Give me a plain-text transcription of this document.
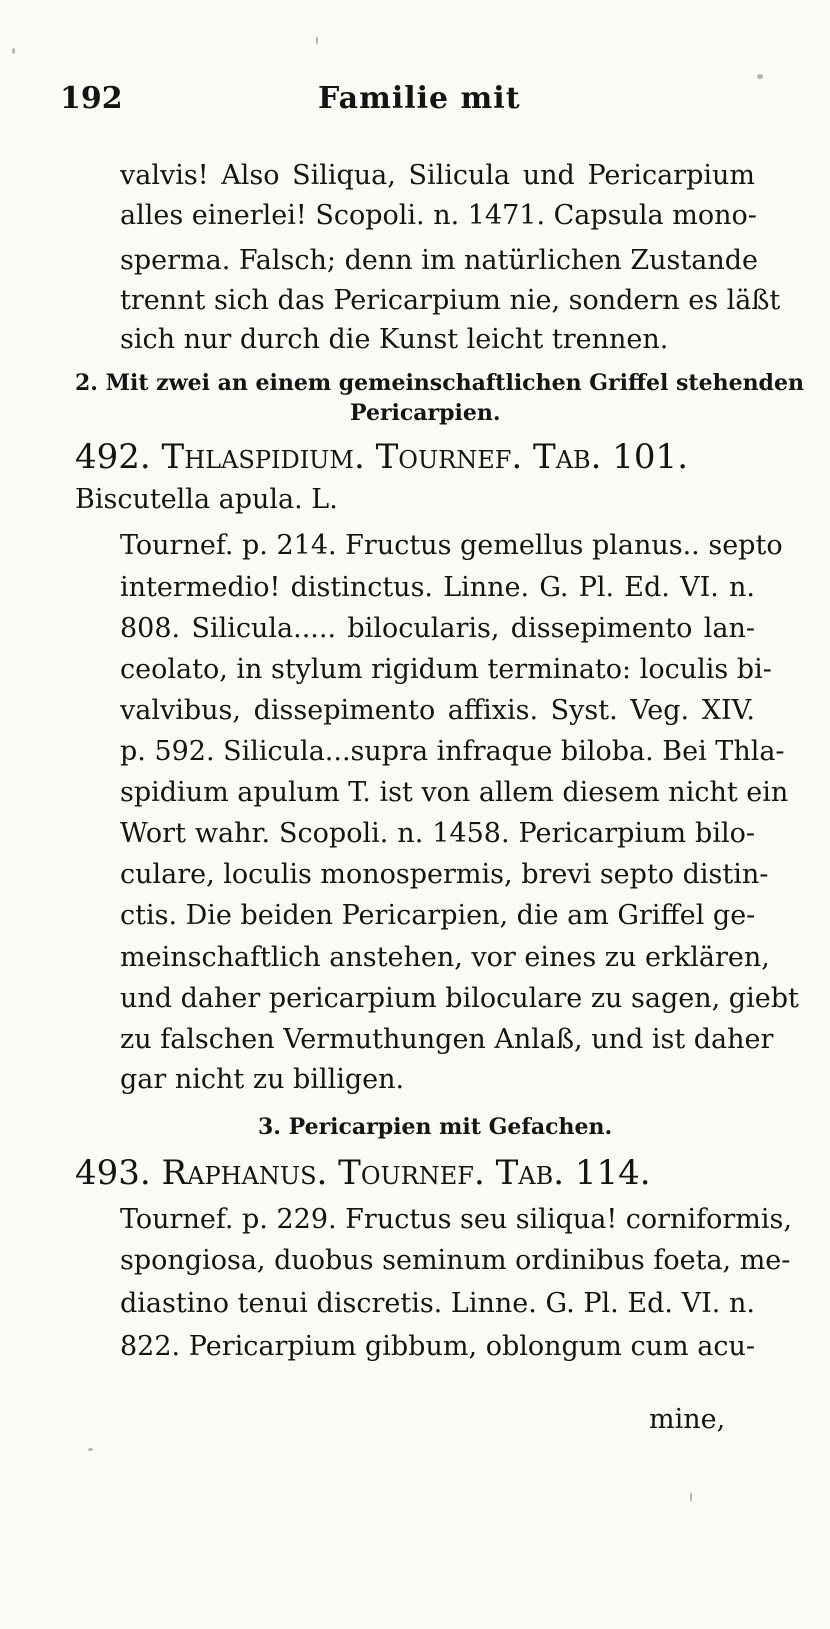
192	Familie mit
valvis! Also Siliqua, Silicula und Pericarpium
alles einerlei! Scopoli. n. 1471. Capsula mono-
sperma. Falsch; denn im natürlichen Zustande
trennt sich das Pericarpium nie, sondern es läßt
sich nur durch die Kunst leicht trennen.
2. Mit zwei an einem gemeinschaftlichen Griffel stehenden
Pericarpien.
492. Thlaspidium. Tournef. Tab. 101.
Biscutella apula. L.
Tournef. p. 214. Fructus gemellus planus.. septo
intermedio! distinctus. Linne. G. Pl. Ed. VI. n.
808. Silicula..... bilocularis, dissepimento lan-
ceolato, in stylum rigidum terminato: loculis bi-
valvibus, dissepimento affixis. Syst. Veg. XIV.
p. 592. Silicula...supra infraque biloba. Bei Thla-
spidium apulum T. ist von allem diesem nicht ein
Wort wahr. Scopoli. n. 1458. Pericarpium bilo-
culare, loculis monospermis, brevi septo distin-
ctis. Die beiden Pericarpien, die am Griffel ge-
meinschaftlich anstehen, vor eines zu erklären,
und daher pericarpium biloculare zu sagen, giebt
zu falschen Vermuthungen Anlaß, und ist daher
gar nicht zu billigen.
3. Pericarpien mit Gefachen.
493. Raphanus. Tournef. Tab. 114.
Tournef. p. 229. Fructus seu siliqua! corniformis,
spongiosa, duobus seminum ordinibus foeta, me-
diastino tenui discretis. Linne. G. Pl. Ed. VI. n.
822. Pericarpium gibbum, oblongum cum acu-
mine,
